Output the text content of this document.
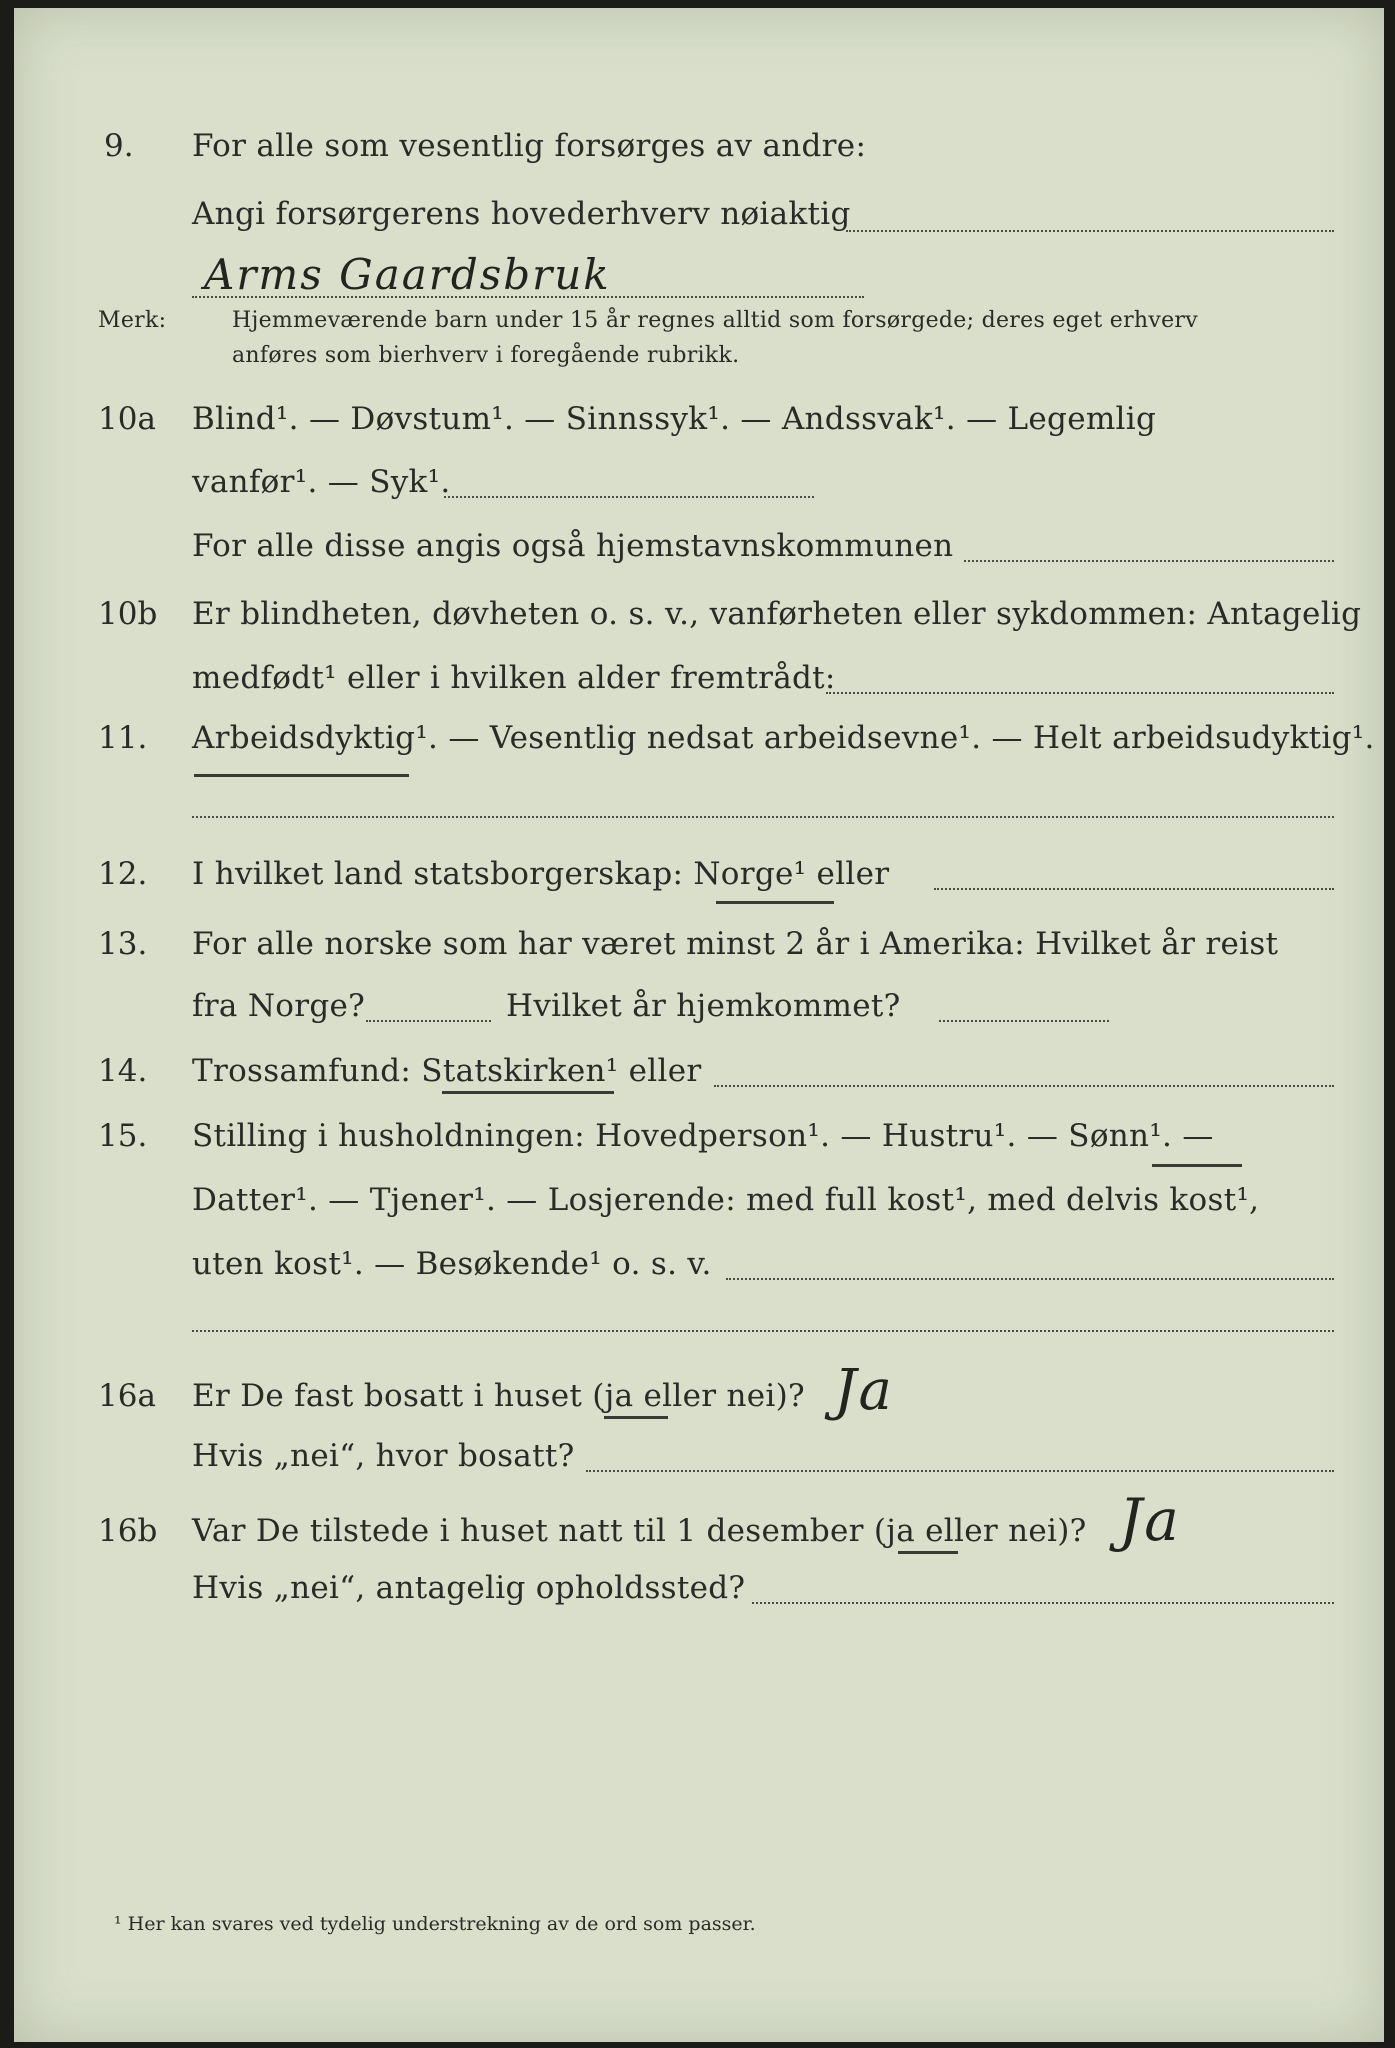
9. For alle som vesentlig forsørges av andre:
Angi forsørgerens hovederhverv nøiaktig
Arms Gaardsbruk
Merk:	Hjemmeværende barn under 15 år regnes alltid som forsørgede; deres eget erhverv
anføres som bierhverv i foregående rubrikk.
10a Blind¹. — Døvstum¹. — Sinnssyk¹. — Andssvak¹. — Legemlig
vanfør¹. — Syk¹.
For alle disse angis også hjemstavnskommunen
10b Er blindheten, døvheten o. s. v., vanførheten eller sykdommen: Antagelig
medfødt¹ eller i hvilken alder fremtrådt:
11. Arbeidsdyktig¹. — Vesentlig nedsat arbeidsevne¹. — Helt arbeidsudyktig¹.
12. I hvilket land statsborgerskap: Norge¹ eller
13. For alle norske som har været minst 2 år i Amerika: Hvilket år reist
fra Norge?	Hvilket år hjemkommet?
14. Trossamfund: Statskirken¹ eller
15. Stilling i husholdningen: Hovedperson¹. — Hustru¹. — Sønn¹. —
Datter¹. — Tjener¹. — Losjerende: med full kost¹, med delvis kost¹,
uten kost¹. — Besøkende¹ o. s. v.
16a Er De fast bosatt i huset (ja eller nei)? Ja
Hvis „nei“, hvor bosatt?
16b Var De tilstede i huset natt til 1 desember (ja eller nei)? Ja
Hvis „nei“, antagelig opholdssted?
¹ Her kan svares ved tydelig understrekning av de ord som passer.
